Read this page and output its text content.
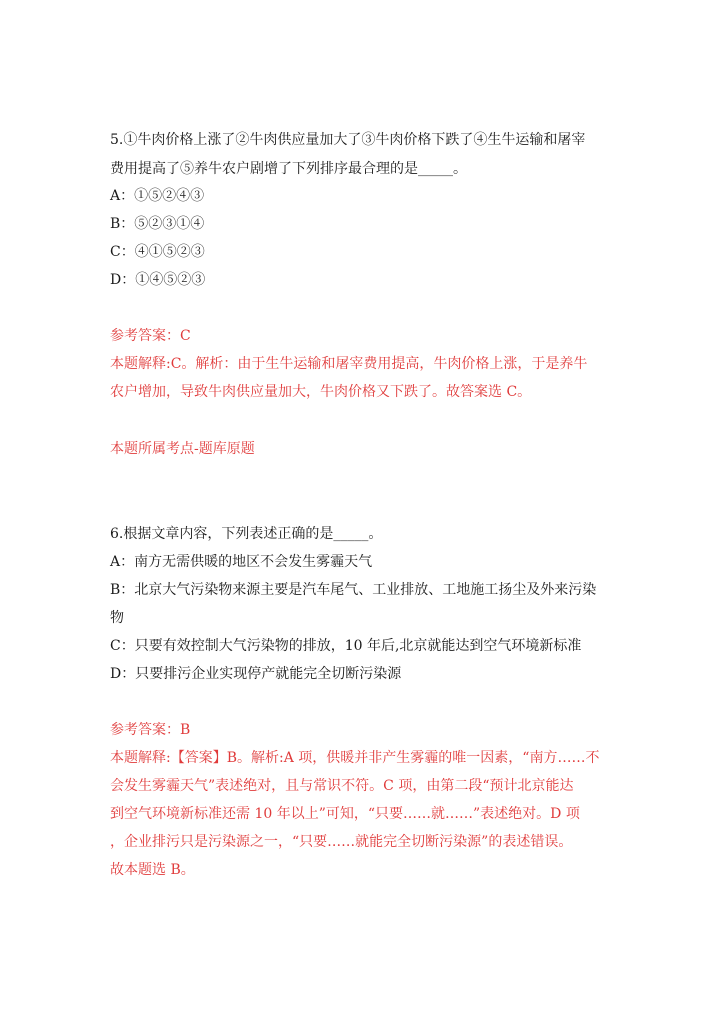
5.①牛肉价格上涨了②牛肉供应量加大了③牛肉价格下跌了④生牛运输和屠宰
费用提高了⑤养牛农户剧增了下列排序最合理的是_____。
A：①⑤②④③
B：⑤②③①④
C：④①⑤②③
D：①④⑤②③
参考答案：C
本题解释:C。解析：由于生牛运输和屠宰费用提高，牛肉价格上涨，于是养牛
农户增加，导致牛肉供应量加大，牛肉价格又下跌了。故答案选 C。
本题所属考点-题库原题
6.根据文章内容，下列表述正确的是_____。
A：南方无需供暖的地区不会发生雾霾天气
B：北京大气污染物来源主要是汽车尾气、工业排放、工地施工扬尘及外来污染
物
C：只要有效控制大气污染物的排放，10 年后,北京就能达到空气环境新标准
D：只要排污企业实现停产就能完全切断污染源
参考答案：B
本题解释:【答案】B。解析:A 项，供暖并非产生雾霾的唯一因素，“南方……不
会发生雾霾天气”表述绝对，且与常识不符。C 项，由第二段“预计北京能达
到空气环境新标准还需 10 年以上”可知，“只要……就……”表述绝对。D 项
，企业排污只是污染源之一，“只要……就能完全切断污染源”的表述错误。
故本题选 B。
